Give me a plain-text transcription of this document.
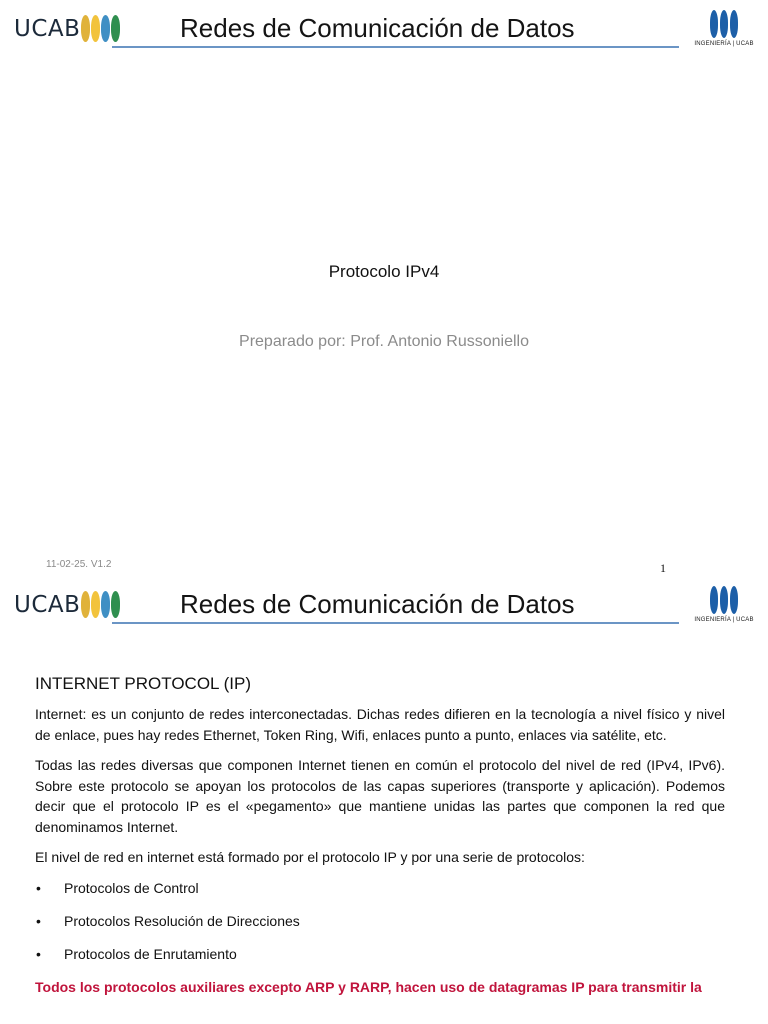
UCAB	Redes de Comunicación de Datos
INGENIERÍA | UCAB
Protocolo IPv4
Preparado por: Prof. Antonio Russoniello
11-02-25. V1.2	1
UCAB	Redes de Comunicación de Datos
INGENIERÍA | UCAB
INTERNET PROTOCOL (IP)

Internet: es un conjunto de redes interconectadas. Dichas redes difieren en la tecnología a nivel físico y nivel de enlace, pues hay redes Ethernet, Token Ring, Wifi, enlaces punto a punto, enlaces via satélite, etc.

Todas las redes diversas que componen Internet tienen en común el protocolo del nivel de red (IPv4, IPv6). Sobre este protocolo se apoyan los protocolos de las capas superiores (transporte y aplicación). Podemos decir que el protocolo IP es el «pegamento» que mantiene unidas las partes que componen la red que denominamos Internet.

El nivel de red en internet está formado por el protocolo IP y por una serie de protocolos:

•	Protocolos de Control
•	Protocolos Resolución de Direcciones
•	Protocolos de Enrutamiento

Todos los protocolos auxiliares excepto ARP y RARP, hacen uso de datagramas IP para transmitir la
